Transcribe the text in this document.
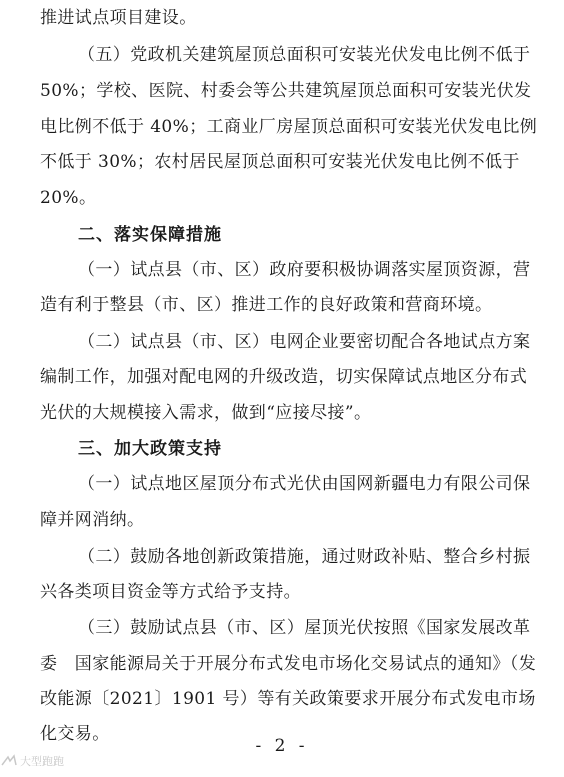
推进试点项目建设。
（五）党政机关建筑屋顶总面积可安装光伏发电比例不低于
50%；学校、医院、村委会等公共建筑屋顶总面积可安装光伏发
电比例不低于 40%；工商业厂房屋顶总面积可安装光伏发电比例
不低于 30%；农村居民屋顶总面积可安装光伏发电比例不低于
20%。
二、落实保障措施
（一）试点县（市、区）政府要积极协调落实屋顶资源，营
造有利于整县（市、区）推进工作的良好政策和营商环境。
（二）试点县（市、区）电网企业要密切配合各地试点方案
编制工作，加强对配电网的升级改造，切实保障试点地区分布式
光伏的大规模接入需求，做到“应接尽接”。
三、加大政策支持
（一）试点地区屋顶分布式光伏由国网新疆电力有限公司保
障并网消纳。
（二）鼓励各地创新政策措施，通过财政补贴、整合乡村振
兴各类项目资金等方式给予支持。
（三）鼓励试点县（市、区）屋顶光伏按照《国家发展改革
委　国家能源局关于开展分布式发电市场化交易试点的通知》（发
改能源〔2021〕1901 号）等有关政策要求开展分布式发电市场
化交易。
- 2 -
大型跑跑
